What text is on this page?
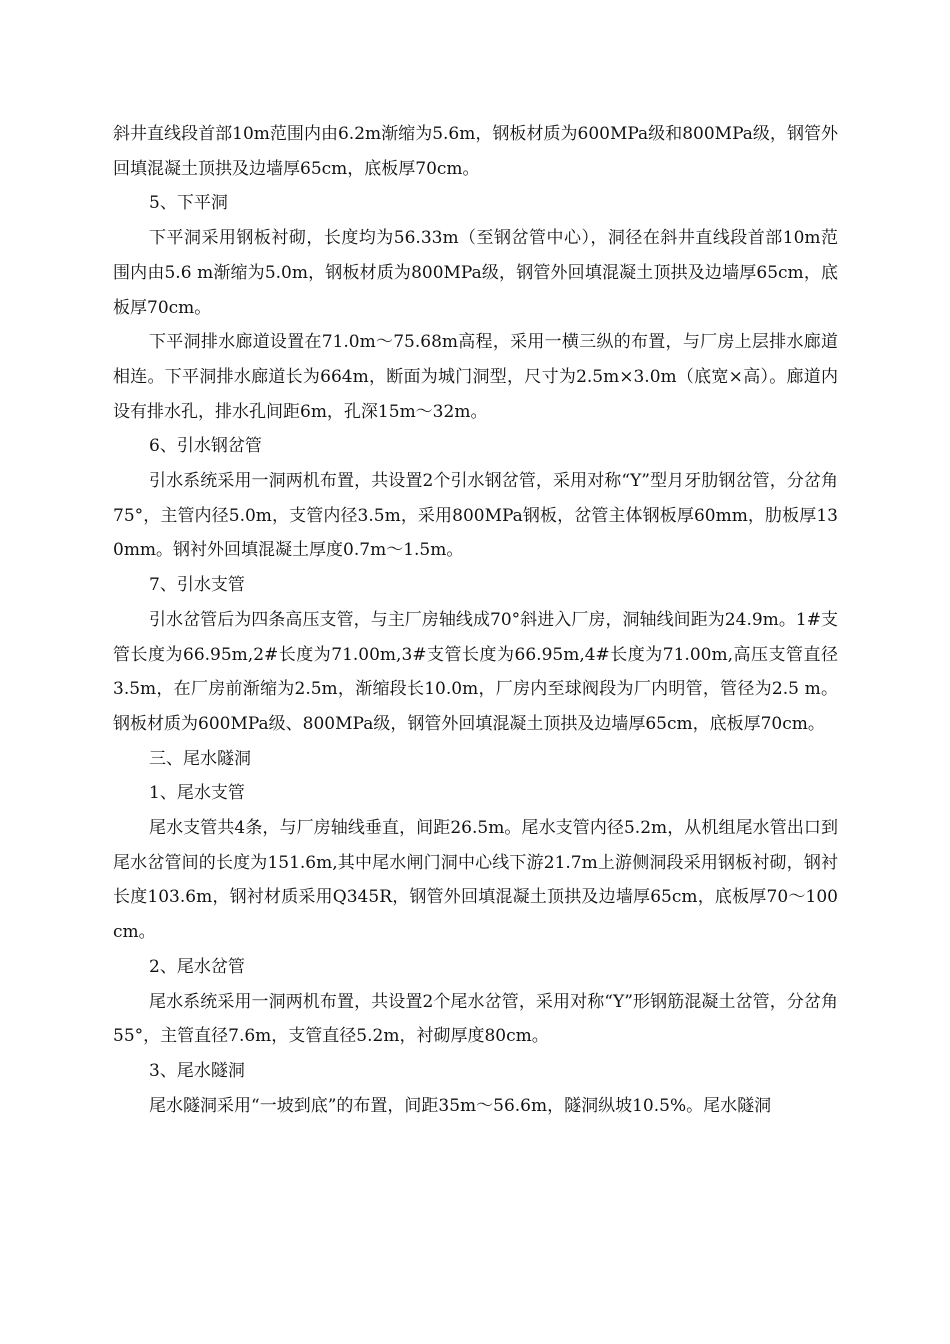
斜井直线段首部10m范围内由6.2m渐缩为5.6m，钢板材质为600MPa级和800MPa级，钢管外回填混凝土顶拱及边墙厚65cm，底板厚70cm。

5、下平洞

下平洞采用钢板衬砌，长度均为56.33m（至钢岔管中心），洞径在斜井直线段首部10m范围内由5.6 m渐缩为5.0m，钢板材质为800MPa级，钢管外回填混凝土顶拱及边墙厚65cm，底板厚70cm。

下平洞排水廊道设置在71.0m～75.68m高程，采用一横三纵的布置，与厂房上层排水廊道相连。下平洞排水廊道长为664m，断面为城门洞型，尺寸为2.5m×3.0m（底宽×高）。廊道内设有排水孔，排水孔间距6m，孔深15m～32m。

6、引水钢岔管

引水系统采用一洞两机布置，共设置2个引水钢岔管，采用对称“Y”型月牙肋钢岔管，分岔角75°，主管内径5.0m，支管内径3.5m，采用800MPa钢板，岔管主体钢板厚60mm，肋板厚130mm。钢衬外回填混凝土厚度0.7m～1.5m。

7、引水支管

引水岔管后为四条高压支管，与主厂房轴线成70°斜进入厂房，洞轴线间距为24.9m。1#支管长度为66.95m,2#长度为71.00m,3#支管长度为66.95m,4#长度为71.00m,高压支管直径3.5m，在厂房前渐缩为2.5m，渐缩段长10.0m，厂房内至球阀段为厂内明管，管径为2.5 m。钢板材质为600MPa级、800MPa级，钢管外回填混凝土顶拱及边墙厚65cm，底板厚70cm。

三、尾水隧洞

1、尾水支管

尾水支管共4条，与厂房轴线垂直，间距26.5m。尾水支管内径5.2m，从机组尾水管出口到尾水岔管间的长度为151.6m,其中尾水闸门洞中心线下游21.7m上游侧洞段采用钢板衬砌，钢衬长度103.6m，钢衬材质采用Q345R，钢管外回填混凝土顶拱及边墙厚65cm，底板厚70～100cm。

2、尾水岔管

尾水系统采用一洞两机布置，共设置2个尾水岔管，采用对称“Y”形钢筋混凝土岔管，分岔角55°，主管直径7.6m，支管直径5.2m，衬砌厚度80cm。

3、尾水隧洞

尾水隧洞采用“一坡到底”的布置，间距35m～56.6m，隧洞纵坡10.5%。尾水隧洞
